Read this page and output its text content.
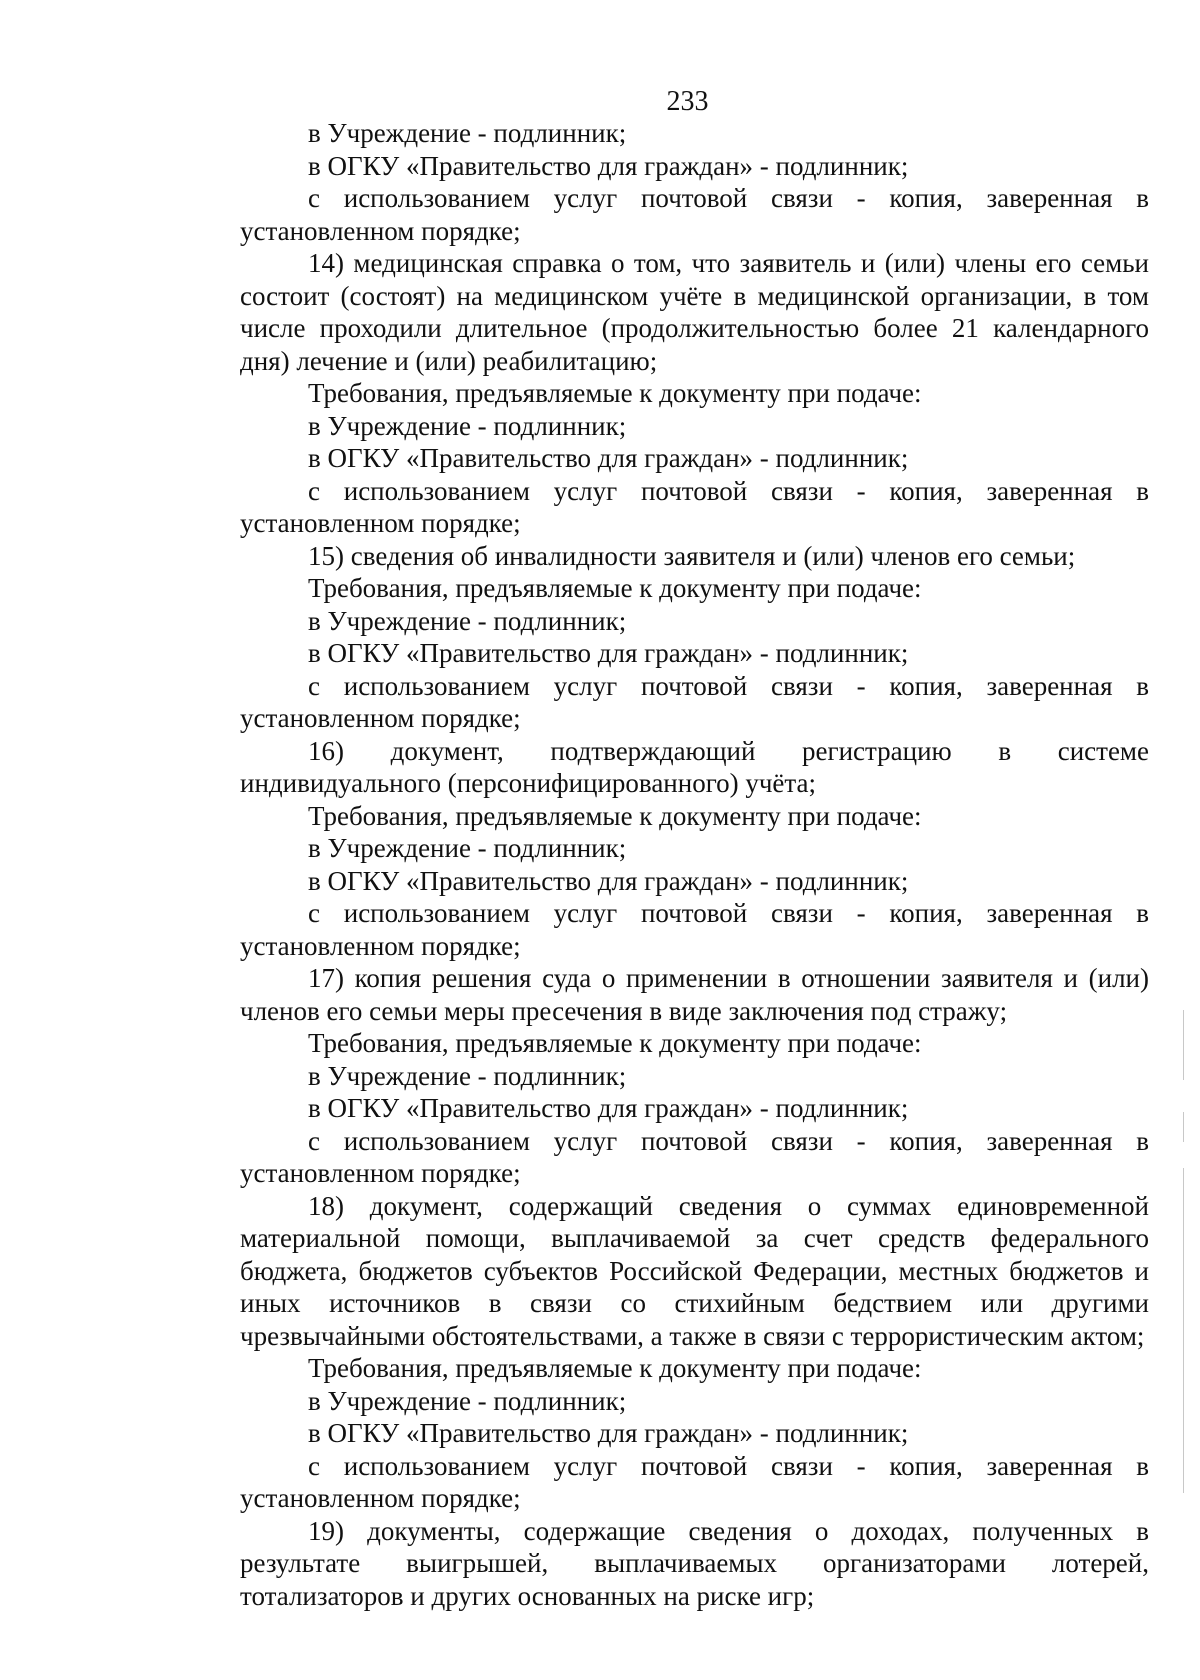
233

в Учреждение - подлинник;

в ОГКУ «Правительство для граждан» - подлинник;

с использованием услуг почтовой связи - копия, заверенная в установленном порядке;

14) медицинская справка о том, что заявитель и (или) члены его семьи состоит (состоят) на медицинском учёте в медицинской организации, в том числе проходили длительное (продолжительностью более 21 календарного дня) лечение и (или) реабилитацию;

Требования, предъявляемые к документу при подаче:

в Учреждение - подлинник;

в ОГКУ «Правительство для граждан» - подлинник;

с использованием услуг почтовой связи - копия, заверенная в установленном порядке;

15) сведения об инвалидности заявителя и (или) членов его семьи;

Требования, предъявляемые к документу при подаче:

в Учреждение - подлинник;

в ОГКУ «Правительство для граждан» - подлинник;

с использованием услуг почтовой связи - копия, заверенная в установленном порядке;

16) документ, подтверждающий регистрацию в системе индивидуального (персонифицированного) учёта;

Требования, предъявляемые к документу при подаче:

в Учреждение - подлинник;

в ОГКУ «Правительство для граждан» - подлинник;

с использованием услуг почтовой связи - копия, заверенная в установленном порядке;

17) копия решения суда о применении в отношении заявителя и (или) членов его семьи меры пресечения в виде заключения под стражу;

Требования, предъявляемые к документу при подаче:

в Учреждение - подлинник;

в ОГКУ «Правительство для граждан» - подлинник;

с использованием услуг почтовой связи - копия, заверенная в установленном порядке;

18) документ, содержащий сведения о суммах единовременной материальной помощи, выплачиваемой за счет средств федерального бюджета, бюджетов субъектов Российской Федерации, местных бюджетов и иных источников в связи со стихийным бедствием или другими чрезвычайными обстоятельствами, а также в связи с террористическим актом;

Требования, предъявляемые к документу при подаче:

в Учреждение - подлинник;

в ОГКУ «Правительство для граждан» - подлинник;

с использованием услуг почтовой связи - копия, заверенная в установленном порядке;

19) документы, содержащие сведения о доходах, полученных в результате выигрышей, выплачиваемых организаторами лотерей, тотализаторов и других основанных на риске игр;
